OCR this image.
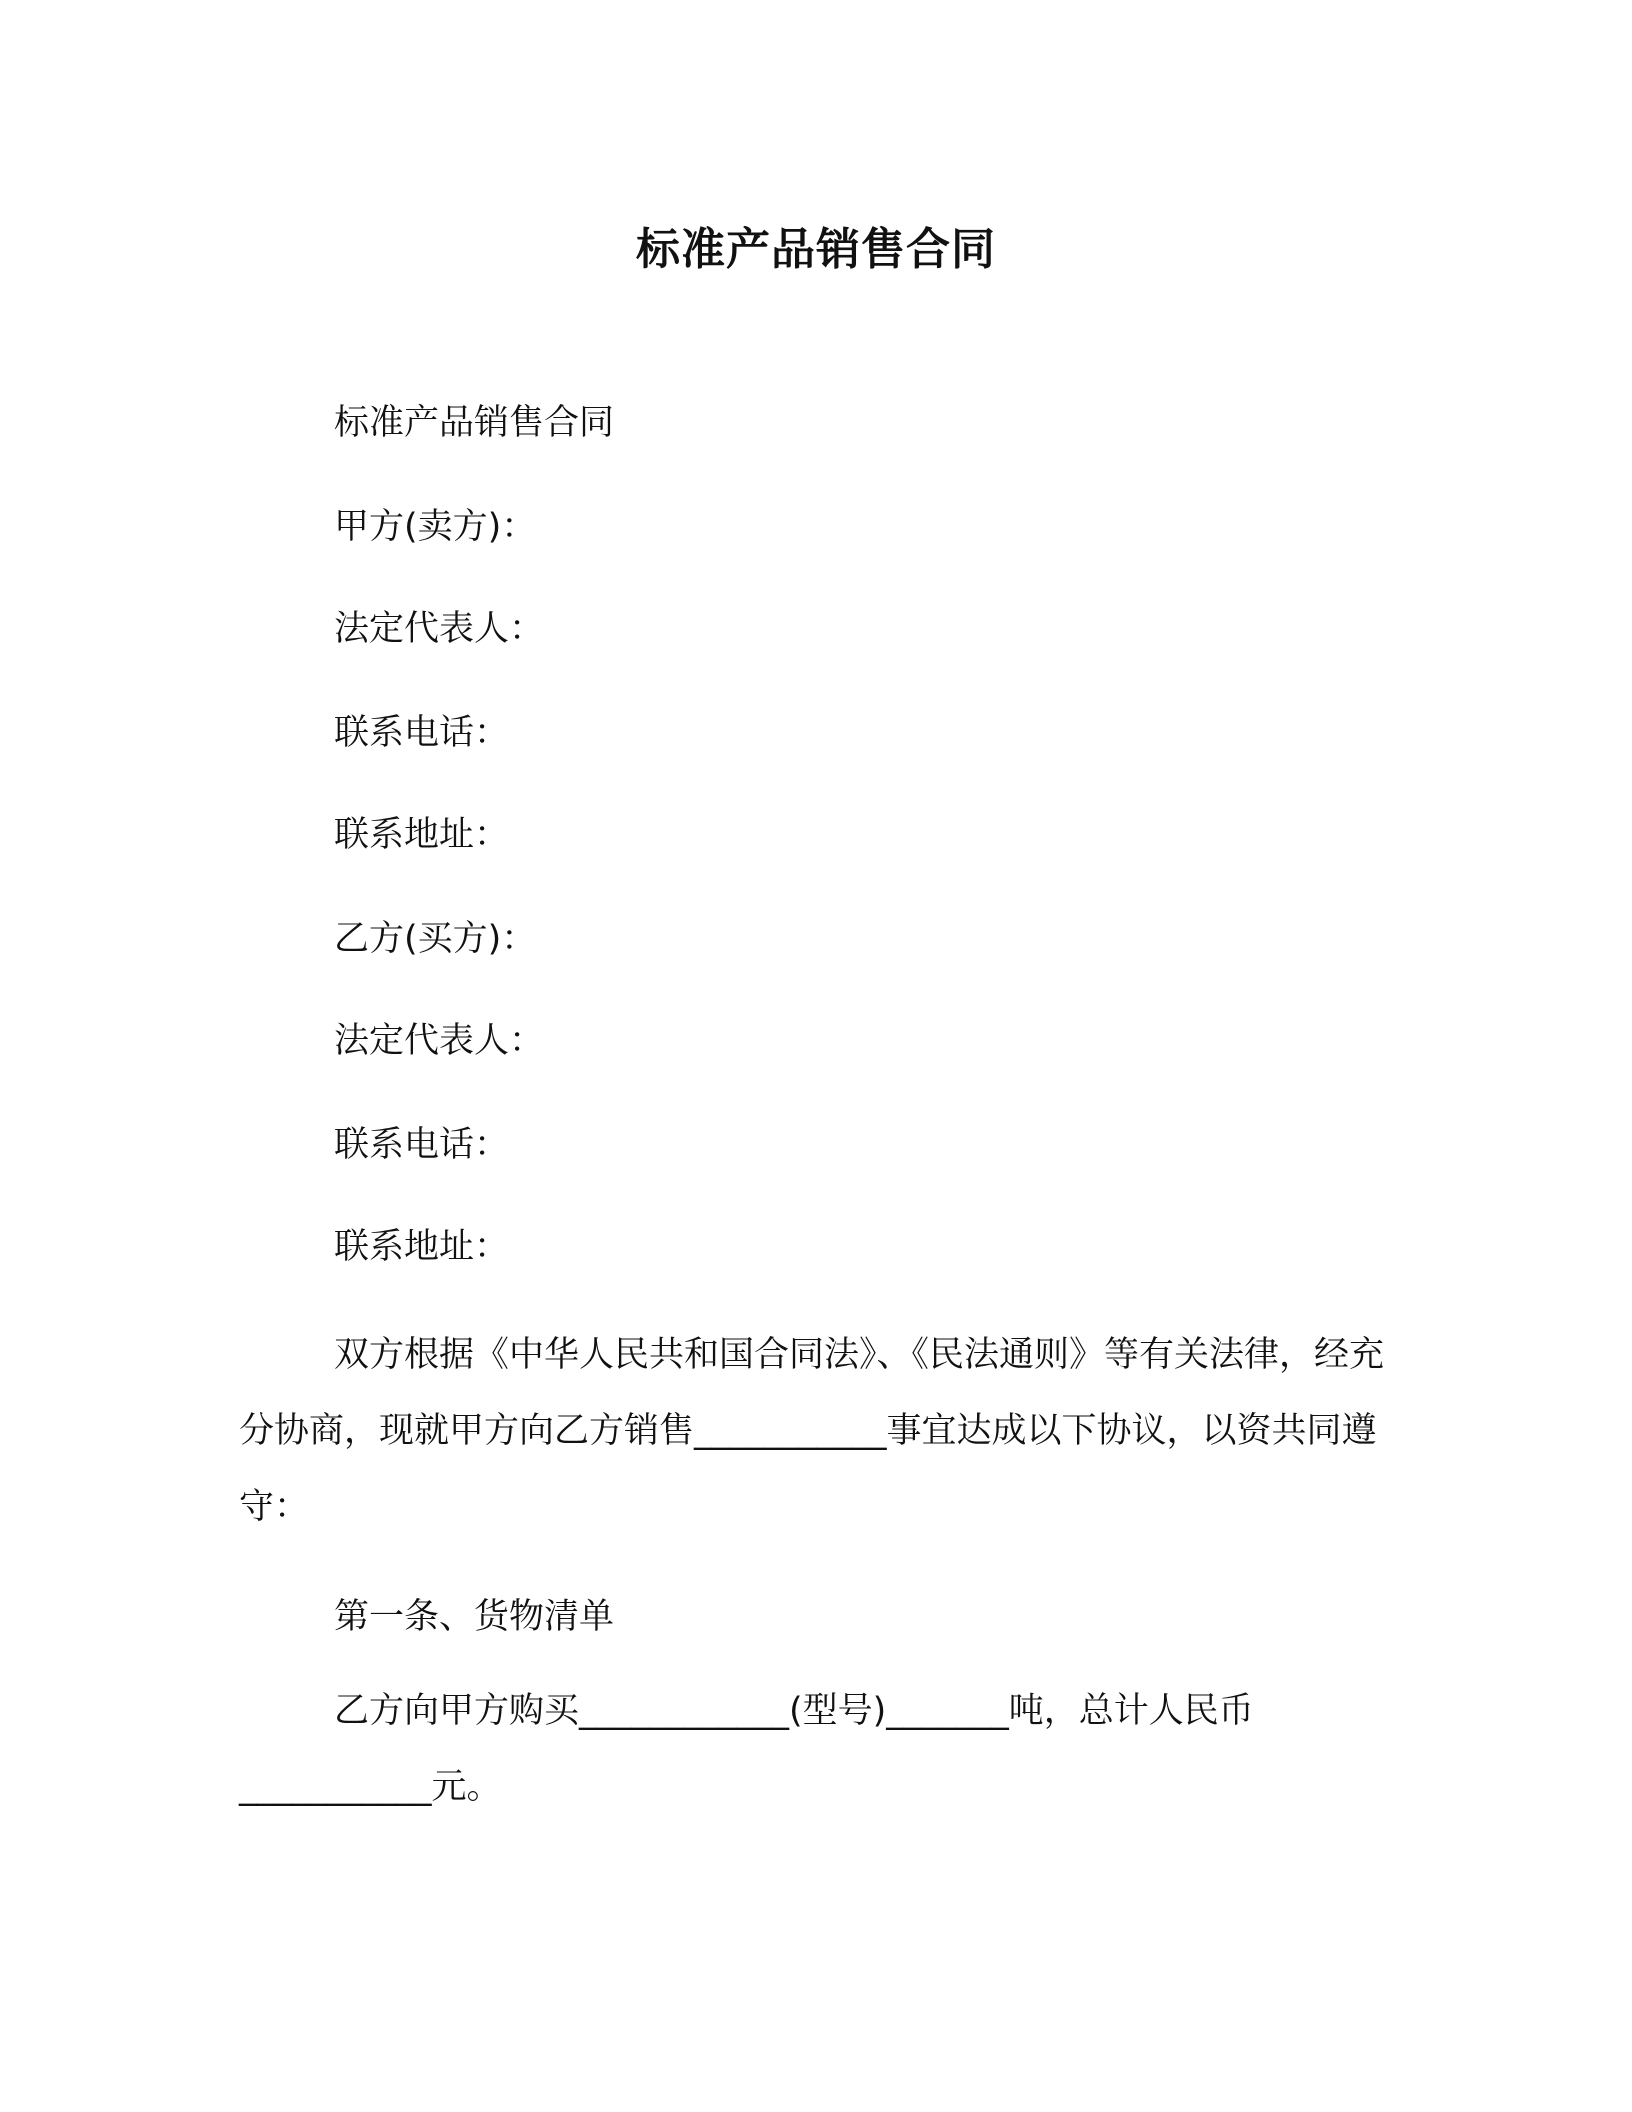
标准产品销售合同
标准产品销售合同
甲方(卖方)：
法定代表人：
联系电话：
联系地址：
乙方(买方)：
法定代表人：
联系电话：
联系地址：

双方根据《中华人民共和国合同法》、《民法通则》等有关法律，经充分协商，现就甲方向乙方销售___________事宜达成以下协议，以资共同遵守：

第一条、货物清单

乙方向甲方购买____________(型号)_______吨，总计人民币___________元。
